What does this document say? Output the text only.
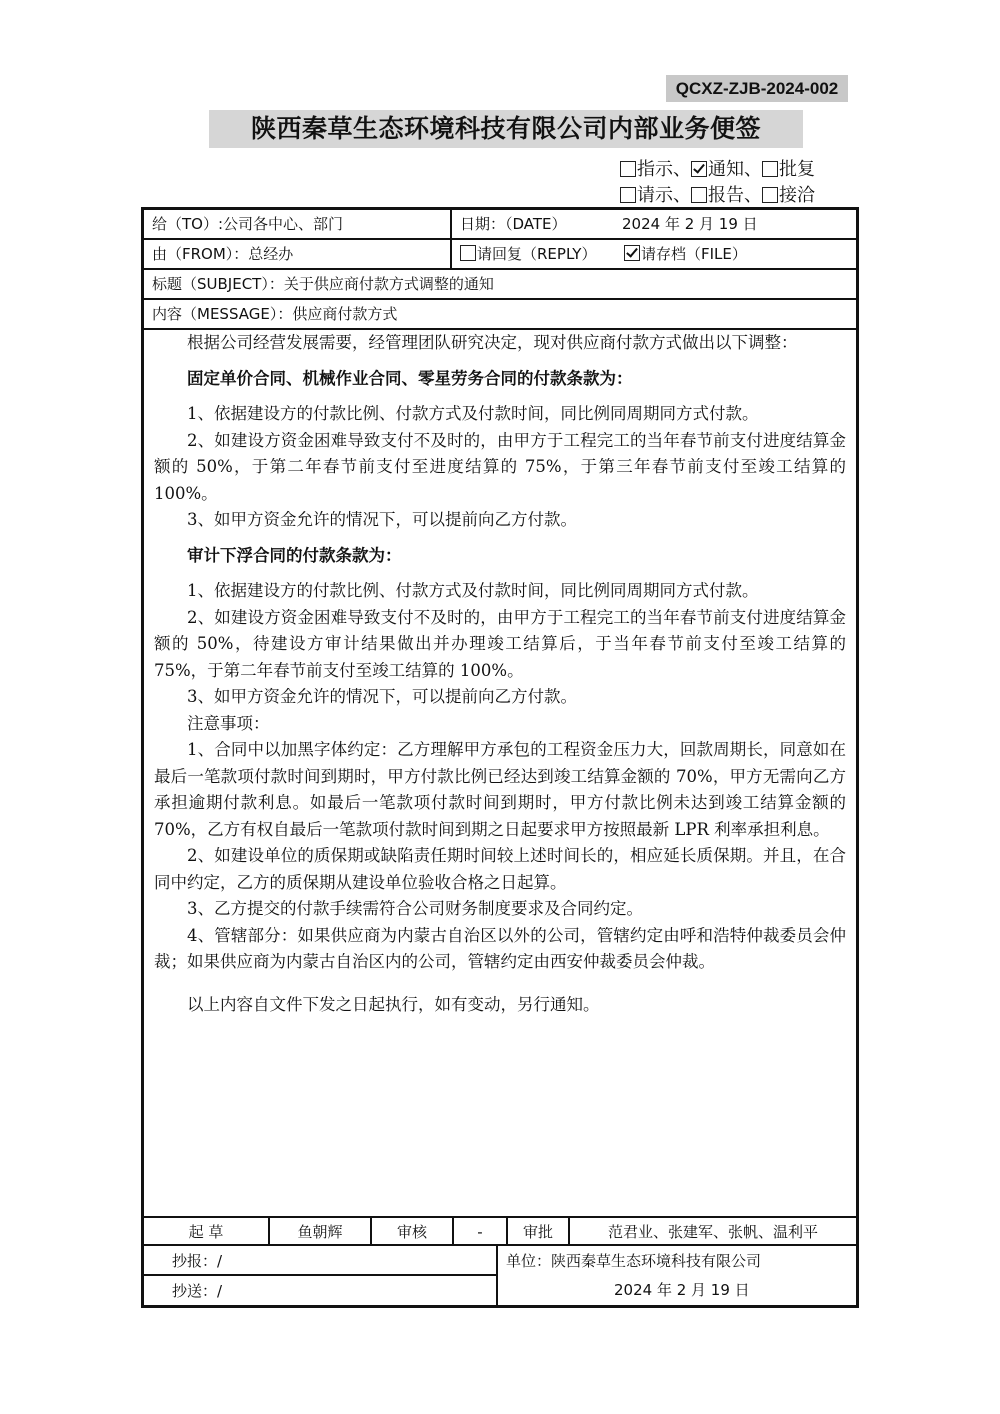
QCXZ-ZJB-2024-002
陕西秦草生态环境科技有限公司内部业务便签
指示、 通知、 批复
请示、 报告、 接洽
给（TO）:公司各中心、部门	日期：（DATE）	2024 年 2 月 19 日
由（FROM）：总经办	请回复（REPLY）	请存档（FILE）
标题（SUBJECT）：关于供应商付款方式调整的通知
内容（MESSAGE）：供应商付款方式

根据公司经营发展需要，经管理团队研究决定，现对供应商付款方式做出以下调整：

固定单价合同、机械作业合同、零星劳务合同的付款条款为：

1、依据建设方的付款比例、付款方式及付款时间，同比例同周期同方式付款。

2、如建设方资金困难导致支付不及时的，由甲方于工程完工的当年春节前支付进度结算金额的 50%，于第二年春节前支付至进度结算的 75%，于第三年春节前支付至竣工结算的 100%。

3、如甲方资金允许的情况下，可以提前向乙方付款。

审计下浮合同的付款条款为：

1、依据建设方的付款比例、付款方式及付款时间，同比例同周期同方式付款。

2、如建设方资金困难导致支付不及时的，由甲方于工程完工的当年春节前支付进度结算金额的 50%，待建设方审计结果做出并办理竣工结算后，于当年春节前支付至竣工结算的 75%，于第二年春节前支付至竣工结算的 100%。

3、如甲方资金允许的情况下，可以提前向乙方付款。

注意事项：

1、合同中以加黑字体约定：乙方理解甲方承包的工程资金压力大，回款周期长，同意如在最后一笔款项付款时间到期时，甲方付款比例已经达到竣工结算金额的 70%，甲方无需向乙方承担逾期付款利息。如最后一笔款项付款时间到期时，甲方付款比例未达到竣工结算金额的 70%，乙方有权自最后一笔款项付款时间到期之日起要求甲方按照最新 LPR 利率承担利息。

2、如建设单位的质保期或缺陷责任期时间较上述时间长的，相应延长质保期。并且，在合同中约定，乙方的质保期从建设单位验收合格之日起算。

3、乙方提交的付款手续需符合公司财务制度要求及合同约定。

4、管辖部分：如果供应商为内蒙古自治区以外的公司，管辖约定由呼和浩特仲裁委员会仲裁；如果供应商为内蒙古自治区内的公司，管辖约定由西安仲裁委员会仲裁。

以上内容自文件下发之日起执行，如有变动，另行通知。

起 草	鱼朝辉	审核	-	审批	范君业、张建军、张帆、温利平
抄报：/	单位：陕西秦草生态环境科技有限公司
抄送：/	2024 年 2 月 19 日
